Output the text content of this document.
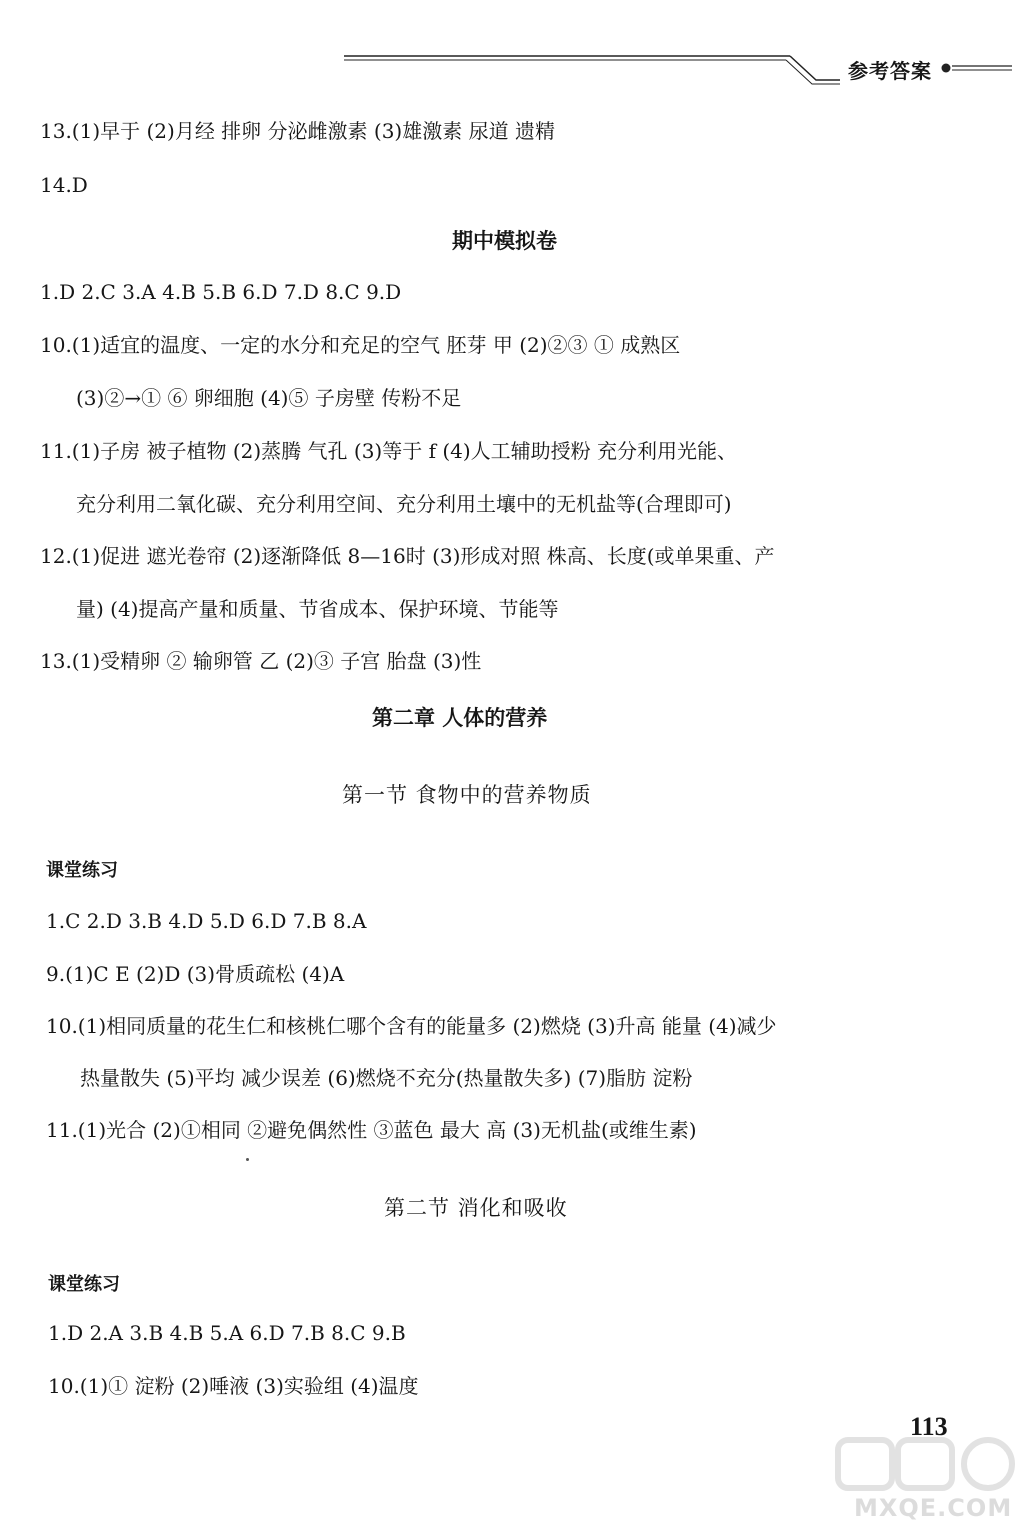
参考答案
13.(1)早于 (2)月经 排卵 分泌雌激素 (3)雄激素 尿道 遗精
14.D
期中模拟卷
1.D 2.C 3.A 4.B 5.B 6.D 7.D 8.C 9.D
10.(1)适宜的温度、一定的水分和充足的空气 胚芽 甲 (2)②③ ① 成熟区
(3)②→① ⑥ 卵细胞 (4)⑤ 子房壁 传粉不足
11.(1)子房 被子植物 (2)蒸腾 气孔 (3)等于 f (4)人工辅助授粉 充分利用光能、
充分利用二氧化碳、充分利用空间、充分利用土壤中的无机盐等(合理即可)
12.(1)促进 遮光卷帘 (2)逐渐降低 8—16时 (3)形成对照 株高、长度(或单果重、产
量) (4)提高产量和质量、节省成本、保护环境、节能等
13.(1)受精卵 ② 输卵管 乙 (2)③ 子宫 胎盘 (3)性
第二章 人体的营养
第一节 食物中的营养物质
课堂练习
1.C 2.D 3.B 4.D 5.D 6.D 7.B 8.A
9.(1)C E (2)D (3)骨质疏松 (4)A
10.(1)相同质量的花生仁和核桃仁哪个含有的能量多 (2)燃烧 (3)升高 能量 (4)减少
热量散失 (5)平均 减少误差 (6)燃烧不充分(热量散失多) (7)脂肪 淀粉
11.(1)光合 (2)①相同 ②避免偶然性 ③蓝色 最大 高 (3)无机盐(或维生素)
第二节 消化和吸收
课堂练习
1.D 2.A 3.B 4.B 5.A 6.D 7.B 8.C 9.B
10.(1)① 淀粉 (2)唾液 (3)实验组 (4)温度
113
MXQE.COM
